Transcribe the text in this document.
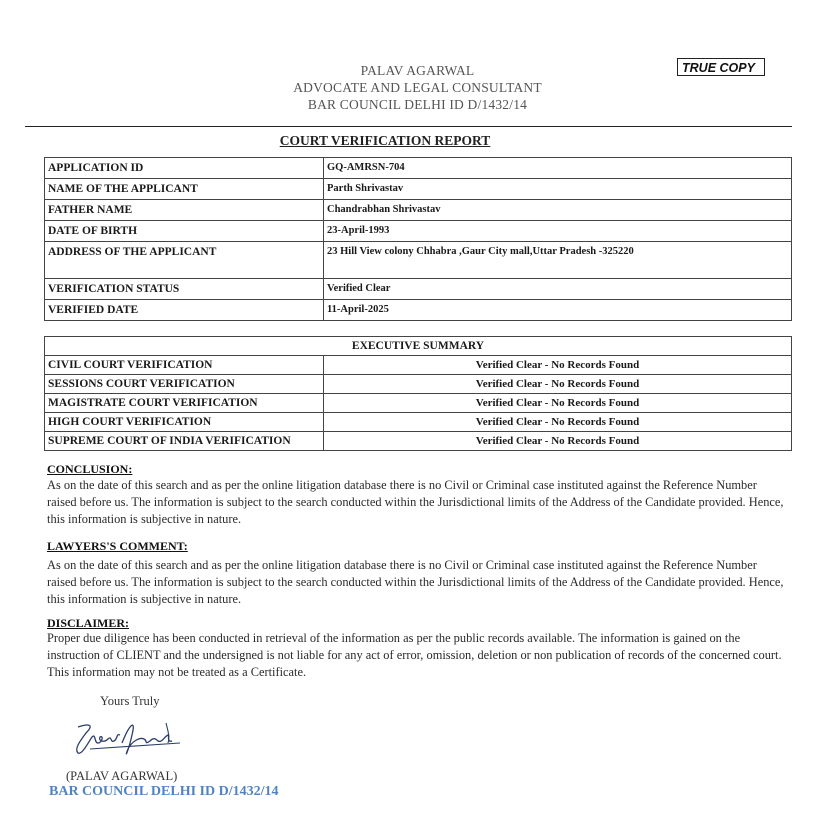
PALAV AGARWAL
ADVOCATE AND LEGAL CONSULTANT
BAR COUNCIL DELHI ID D/1432/14
TRUE COPY
COURT VERIFICATION REPORT
APPLICATION ID	GQ-AMRSN-704
NAME OF THE APPLICANT	Parth Shrivastav
FATHER NAME	Chandrabhan Shrivastav
DATE OF BIRTH	23-April-1993
ADDRESS OF THE APPLICANT	23 Hill View colony Chhabra ,Gaur City mall,Uttar Pradesh -325220
VERIFICATION STATUS	Verified Clear
VERIFIED DATE	11-April-2025
EXECUTIVE SUMMARY	
CIVIL COURT VERIFICATION	Verified Clear - No Records Found
SESSIONS COURT VERIFICATION	Verified Clear - No Records Found
MAGISTRATE COURT VERIFICATION	Verified Clear - No Records Found
HIGH COURT VERIFICATION	Verified Clear - No Records Found
SUPREME COURT OF INDIA VERIFICATION	Verified Clear - No Records Found
CONCLUSION:
As on the date of this search and as per the online litigation database there is no Civil or Criminal case instituted against the Reference Number raised before us. The information is subject to the search conducted within the Jurisdictional limits of the Address of the Candidate provided. Hence, this information is subjective in nature.
LAWYERS'S COMMENT:
As on the date of this search and as per the online litigation database there is no Civil or Criminal case instituted against the Reference Number raised before us. The information is subject to the search conducted within the Jurisdictional limits of the Address of the Candidate provided. Hence, this information is subjective in nature.
DISCLAIMER:
Proper due diligence has been conducted in retrieval of the information as per the public records available. The information is gained on the instruction of CLIENT and the undersigned is not liable for any act of error, omission, deletion or non publication of records of the concerned court. This information may not be treated as a Certificate.
Yours Truly
(PALAV AGARWAL)
BAR COUNCIL DELHI ID D/1432/14
